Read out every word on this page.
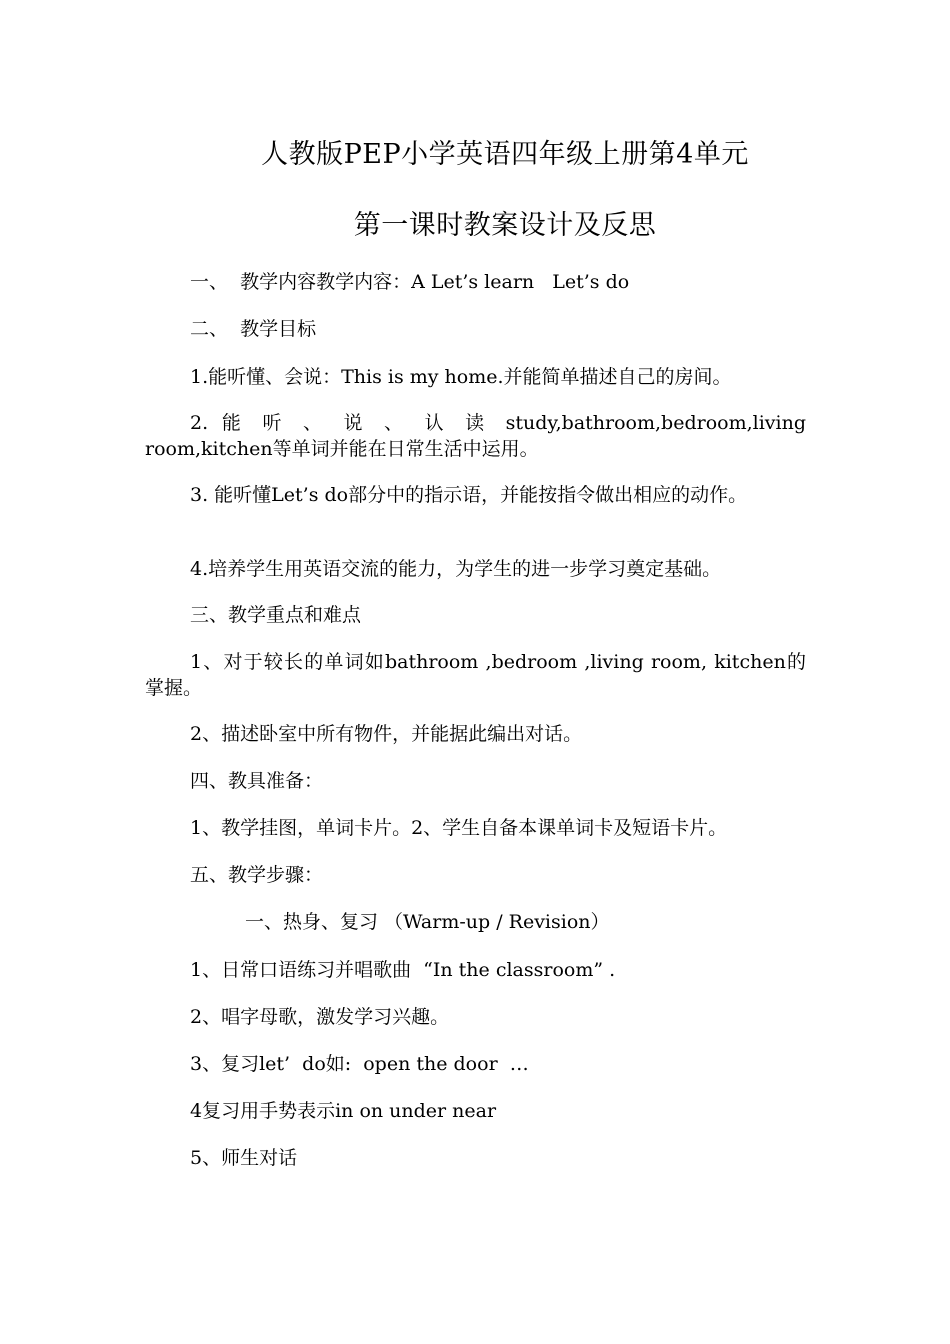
人教版PEP小学英语四年级上册第4单元
第一课时教案设计及反思
一、  教学内容教学内容：A Let’s learn   Let’s do
二、  教学目标
1.能听懂、会说：This is my home.并能简单描述自己的房间。
2. 能 听 、 说 、 认 读 study,bathroom,bedroom,living room,kitchen等单词并能在日常生活中运用。
3. 能听懂Let’s do部分中的指示语，并能按指令做出相应的动作。
4.培养学生用英语交流的能力，为学生的进一步学习奠定基础。
三、教学重点和难点
1、对于较长的单词如bathroom ,bedroom ,living room, kitchen的掌握。
2、描述卧室中所有物件，并能据此编出对话。
四、教具准备：
1、教学挂图，单词卡片。2、学生自备本课单词卡及短语卡片。
五、教学步骤：
一、热身、复习 （Warm-up / Revision）
1、日常口语练习并唱歌曲  “In the classroom” .
2、唱字母歌，激发学习兴趣。
3、复习let’  do如:  open the door  …
4复习用手势表示in on under near
5、师生对话
